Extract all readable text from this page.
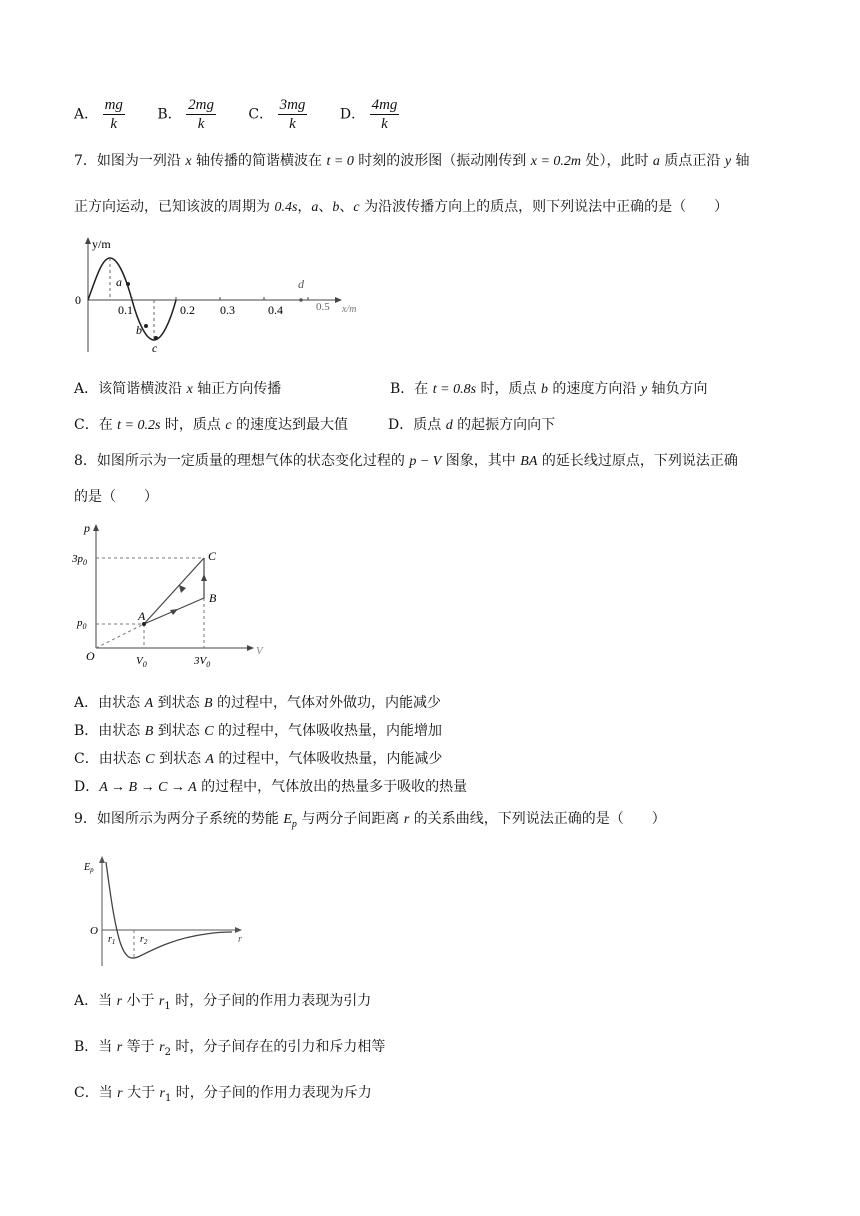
A． $\frac{mg}{k}$ B． $\frac{2mg}{k}$ C． $\frac{3mg}{k}$ D． $\frac{4mg}{k}$
7．如图为一列沿 x 轴传播的简谐横波在 t = 0 时刻的波形图（振动刚传到 x = 0.2m 处），此时 a 质点正沿 y 轴
正方向运动，已知该波的周期为 0.4s，a、b、c 为沿波传播方向上的质点，则下列说法中正确的是（　　）
y/m
0
0.1	0.2 0.3	0.4	0.5 x/m
a
b
c
d
A．该简谐横波沿 x 轴正方向传播	B．在 t = 0.8s 时，质点 b 的速度方向沿 y 轴负方向
C．在 t = 0.2s 时，质点 c 的速度达到最大值	D．质点 d 的起振方向向下
8．如图所示为一定质量的理想气体的状态变化过程的 p − V 图象，其中 BA 的延长线过原点，下列说法正确
的是（　　）
p
V
O
A
B
C
$3p_0$
$p_0$
$V_0$	$3V_0$
A．由状态 A 到状态 B 的过程中，气体对外做功，内能减少
B．由状态 B 到状态 C 的过程中，气体吸收热量，内能增加
C．由状态 C 到状态 A 的过程中，气体吸收热量，内能减少
D．A → B → C → A 的过程中，气体放出的热量多于吸收的热量
9．如图所示为两分子系统的势能 $E_p$ 与两分子间距离 r 的关系曲线，下列说法正确的是（　　）
$E_p$
O
r
$r_1$ $r_2$
A．当 r 小于 $r_1$ 时，分子间的作用力表现为引力
B．当 r 等于 $r_2$ 时，分子间存在的引力和斥力相等
C．当 r 大于 $r_1$ 时，分子间的作用力表现为斥力
